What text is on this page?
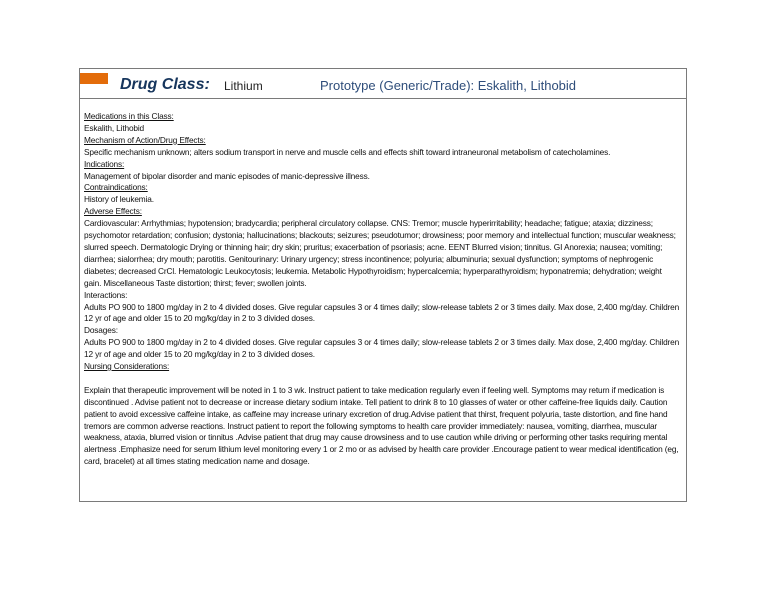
Drug Class: Lithium	Prototype (Generic/Trade): Eskalith, Lithobid

Medications in this Class:

Eskalith, Lithobid

Mechanism of Action/Drug Effects:

Specific mechanism unknown; alters sodium transport in nerve and muscle cells and effects shift toward intraneuronal metabolism of catecholamines.

Indications:

Management of bipolar disorder and manic episodes of manic-depressive illness.

Contraindications:

History of leukemia.

Adverse Effects:

Cardiovascular: Arrhythmias; hypotension; bradycardia; peripheral circulatory collapse. CNS: Tremor; muscle hyperirritability; headache; fatigue; ataxia; dizziness; psychomotor retardation; confusion; dystonia; hallucinations; blackouts; seizures; pseudotumor; drowsiness; poor memory and intellectual function; muscular weakness; slurred speech. Dermatologic Drying or thinning hair; dry skin; pruritus; exacerbation of psoriasis; acne. EENT Blurred vision; tinnitus. GI Anorexia; nausea; vomiting; diarrhea; sialorrhea; dry mouth; parotitis. Genitourinary: Urinary urgency; stress incontinence; polyuria; albuminuria; sexual dysfunction; symptoms of nephrogenic diabetes; decreased CrCl. Hematologic Leukocytosis; leukemia. Metabolic Hypothyroidism; hypercalcemia; hyperparathyroidism; hyponatremia; dehydration; weight gain. Miscellaneous Taste distortion; thirst; fever; swollen joints.

Interactions:

Adults PO 900 to 1800 mg/day in 2 to 4 divided doses. Give regular capsules 3 or 4 times daily; slow-release tablets 2 or 3 times daily. Max dose, 2,400 mg/day. Children 12 yr of age and older 15 to 20 mg/kg/day in 2 to 3 divided doses.

Dosages:

Adults PO 900 to 1800 mg/day in 2 to 4 divided doses. Give regular capsules 3 or 4 times daily; slow-release tablets 2 or 3 times daily. Max dose, 2,400 mg/day. Children 12 yr of age and older 15 to 20 mg/kg/day in 2 to 3 divided doses.

Nursing Considerations:

Explain that therapeutic improvement will be noted in 1 to 3 wk. Instruct patient to take medication regularly even if feeling well. Symptoms may return if medication is discontinued . Advise patient not to decrease or increase dietary sodium intake. Tell patient to drink 8 to 10 glasses of water or other caffeine-free liquids daily. Caution patient to avoid excessive caffeine intake, as caffeine may increase urinary excretion of drug.Advise patient that thirst, frequent polyuria, taste distortion, and fine hand tremors are common adverse reactions. Instruct patient to report the following symptoms to health care provider immediately: nausea, vomiting, diarrhea, muscular weakness, ataxia, blurred vision or tinnitus .Advise patient that drug may cause drowsiness and to use caution while driving or performing other tasks requiring mental alertness .Emphasize need for serum lithium level monitoring every 1 or 2 mo or as advised by health care provider .Encourage patient to wear medical identification (eg, card, bracelet) at all times stating medication name and dosage.
